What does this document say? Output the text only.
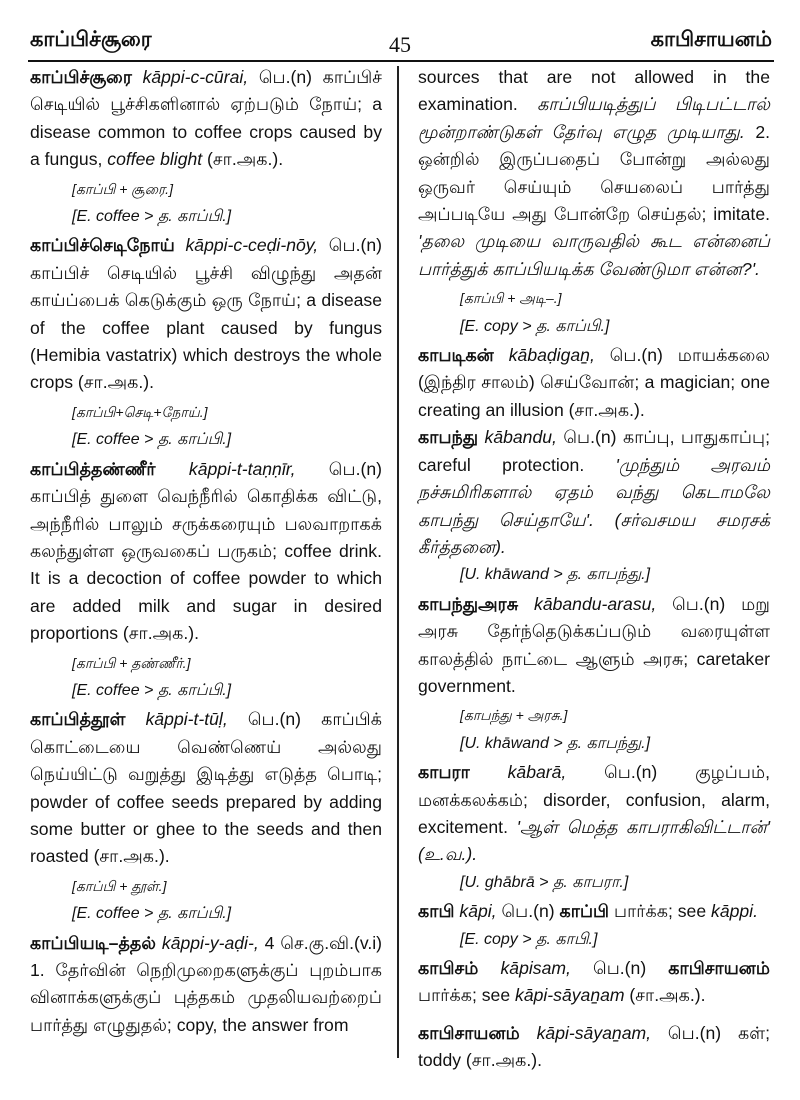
காப்பிச்சூரை	45	காபிசாயனம்

காப்பிச்சூரை kāppi-c-cūrai, பெ.(n) காப்பிச் செடியில் பூச்சிகளினால் ஏற்படும் நோய்; a disease common to coffee crops caused by a fungus, coffee blight (சா.அக.).

[காப்பி + சூரை.]

[E. coffee > த. காப்பி.]

காப்பிச்செடிநோய் kāppi-c-ceḍi-nōy, பெ.(n) காப்பிச் செடியில் பூச்சி விழுந்து அதன் காய்ப்பைக் கெடுக்கும் ஒரு நோய்; a disease of the coffee plant caused by fungus (Hemibia vastatrix) which destroys the whole crops (சா.அக.).

[காப்பி+செடி+நோய்.]

[E. coffee > த. காப்பி.]

காப்பித்தண்ணீர் kāppi-t-taṇṇīr, பெ.(n) காப்பித் துளை வெந்நீரில் கொதிக்க விட்டு, அந்நீரில் பாலும் சருக்கரையும் பலவாறாகக் கலந்துள்ள ஒருவகைப் பருகம்; coffee drink. It is a decoction of coffee powder to which are added milk and sugar in desired proportions (சா.அக.).

[காப்பி + தண்ணீர்.]

[E. coffee > த. காப்பி.]

காப்பித்தூள் kāppi-t-tūḷ, பெ.(n) காப்பிக் கொட்டையை வெண்ணெய் அல்லது நெய்யிட்டு வறுத்து இடித்து எடுத்த பொடி; powder of coffee seeds prepared by adding some butter or ghee to the seeds and then roasted (சா.அக.).

[காப்பி + தூள்.]

[E. coffee > த. காப்பி.]

காப்பியடி–த்தல் kāppi-y-aḍi-, 4 செ.கு.வி.(v.i) 1. தேர்வின் நெறிமுறைகளுக்குப் புறம்பாக வினாக்களுக்குப் புத்தகம் முதலியவற்றைப் பார்த்து எழுதுதல்; copy, the answer from

sources that are not allowed in the examination. காப்பியடித்துப் பிடிபட்டால் மூன்றாண்டுகள் தேர்வு எழுத முடியாது. 2. ஒன்றில் இருப்பதைப் போன்று அல்லது ஒருவர் செய்யும் செயலைப் பார்த்து அப்படியே அது போன்றே செய்தல்; imitate. 'தலை முடியை வாருவதில் கூட என்னைப் பார்த்துக் காப்பியடிக்க வேண்டுமா என்ன?'.

[காப்பி + அடி–.]

[E. copy > த. காப்பி.]

காபடிகன் kābaḍigaṉ, பெ.(n) மாயக்கலை (இந்திர சாலம்) செய்வோன்; a magician; one creating an illusion (சா.அக.).

காபந்து kābandu, பெ.(n) காப்பு, பாதுகாப்பு; careful protection. 'முந்தும் அரவம் நச்சுமிரிகளால் ஏதம் வந்து கெடாமலே காபந்து செய்தாயே'. (சர்வசமய சமரசக் கீர்த்தனை).

[U. khāwand > த. காபந்து.]

காபந்துஅரசு kābandu-arasu, பெ.(n) மறு அரசு தேர்ந்தெடுக்கப்படும் வரையுள்ள காலத்தில் நாட்டை ஆளும் அரசு; caretaker government.

[காபந்து + அரசு.]

[U. khāwand > த. காபந்து.]

காபரா kābarā, பெ.(n) குழப்பம், மனக்கலக்கம்; disorder, confusion, alarm, excitement. 'ஆள் மெத்த காபராகிவிட்டான்' (உ.வ.).

[U. ghābrā > த. காபரா.]

காபி kāpi, பெ.(n) காப்பி பார்க்க; see kāppi.

[E. copy > த. காபி.]

காபிசம் kāpisam, பெ.(n) காபிசாயனம் பார்க்க; see kāpi-sāyaṉam (சா.அக.).

காபிசாயனம் kāpi-sāyaṉam, பெ.(n) கள்; toddy (சா.அக.).
